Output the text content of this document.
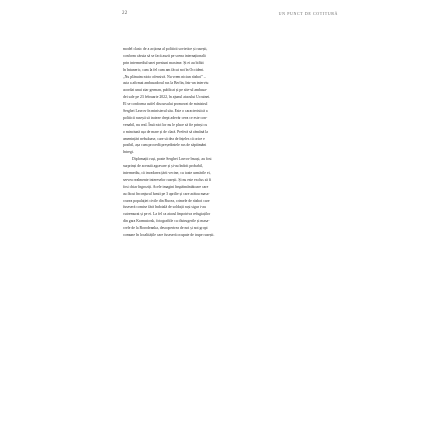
22	UN PUNCT DE COTITURĂ
model clasic de a acționa al politicii sovietice și rusești,
conform căruia să se facă auzit pe scena internațională
prin intermediul unei presiuni maxime. Și ei au bifăit
în întuneric, cam la fel cum am făcut noi în Occident.
„Nu plănuim nicio ofensivă. Nu vrem niciun război” –
asta a afirmat ambasadorul rus la Berlin, într-un interviu
acordat unui ziar german, publicat și pe site-ul ambasa-
dei sale pe 23 februarie 2022, în ajunul atacului Ucrainei.
El se conforma astfel discursului promovat de ministrul
Serghei Lavrov în ministerul său. Este o caracteristică a
politicii rusești să trateze drept adevăr ceea ce este con-
venabil, nu real. Însă nici lor nu le place să fie prinși cu
o minciună așa de mare și de clară. Preferă să rămână la
amenințări nebuloase, care să dea de înțeles că orice e
posibil, așa cum procedă președintele rus de săptămâni
întregi.
Diplomații ruși, poate Serghei Lavrov însuși, au fost
surprinși de această agravare și și-au îndoit probabil,
intermediu, că invadarea țării vecine, cu toate urmările ei,
servea realmente intereselor rusești. Și nu este exclus să fi
fost chiar îngroziți. Acele imagini înspăimântătoare care
au făcut înconjurul lumii pe 3 aprilie și care arătau masa-
crarea populației civile din Bucea, crimele de război care
fuseseră comise fără îndoială de soldații ruși sigur i-au
cutremurat și pe ei. La fel ca atacul împotriva refugiaților
din gara Kramatorsk, fotografiile cu distrugerile și masa-
crele de la Borodeanka, descoperirea de noi și noi gropi
comune în localitățile care fuseseră ocupate de trupe rusești.
